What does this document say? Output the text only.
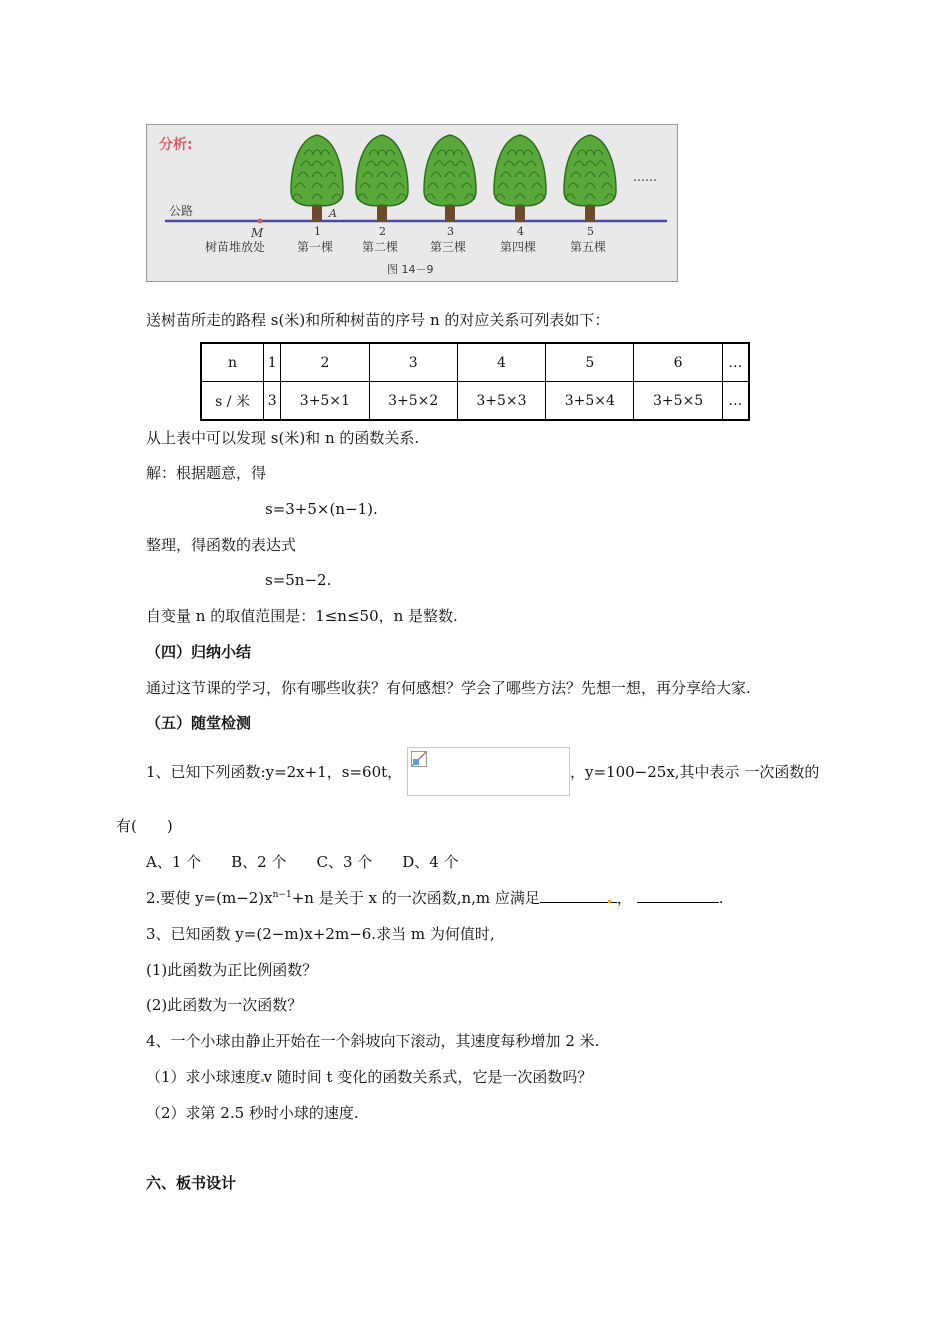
分析:
公路
……
M
A
树苗堆放处
1
第一棵
2
第二棵
3
第三棵
4
第四棵
5
第五棵
图 14－9
送树苗所走的路程 s(米)和所种树苗的序号 n 的对应关系可列表如下：
n	1	2	3	4	5	6	…
s / 米	3	3+5×1	3+5×2	3+5×3	3+5×4	3+5×5	…
从上表中可以发现 s(米)和 n 的函数关系.
解：根据题意，得
s=3+5×(n−1).
整理，得函数的表达式
s=5n−2.
自变量 n 的取值范围是：1≤n≤50，n 是整数.
（四）归纳小结
通过这节课的学习，你有哪些收获？有何感想？学会了哪些方法？先想一想，再分享给大家.
（五）随堂检测
1、已知下列函数:y=2x+1，s=60t，	，y=100−25x,其中表示 一次函数的
有(　　)
A、1 个　　B、2 个　　C、3 个　　D、4 个
2.要使 $y=(m-2)x^{n-1}+n$ 是关于 x 的一次函数,n,m 应满足	，	.
3、已知函数 y=(2−m)x+2m−6.求当 m 为何值时,
(1)此函数为正比例函数？
(2)此函数为一次函数？
4、一个小球由静止开始在一个斜坡向下滚动，其速度每秒增加 2 米.
（1）求小球速度 v 随时间 t 变化的函数关系式，它是一次函数吗？
（2）求第 2.5 秒时小球的速度.
六、板书设计
